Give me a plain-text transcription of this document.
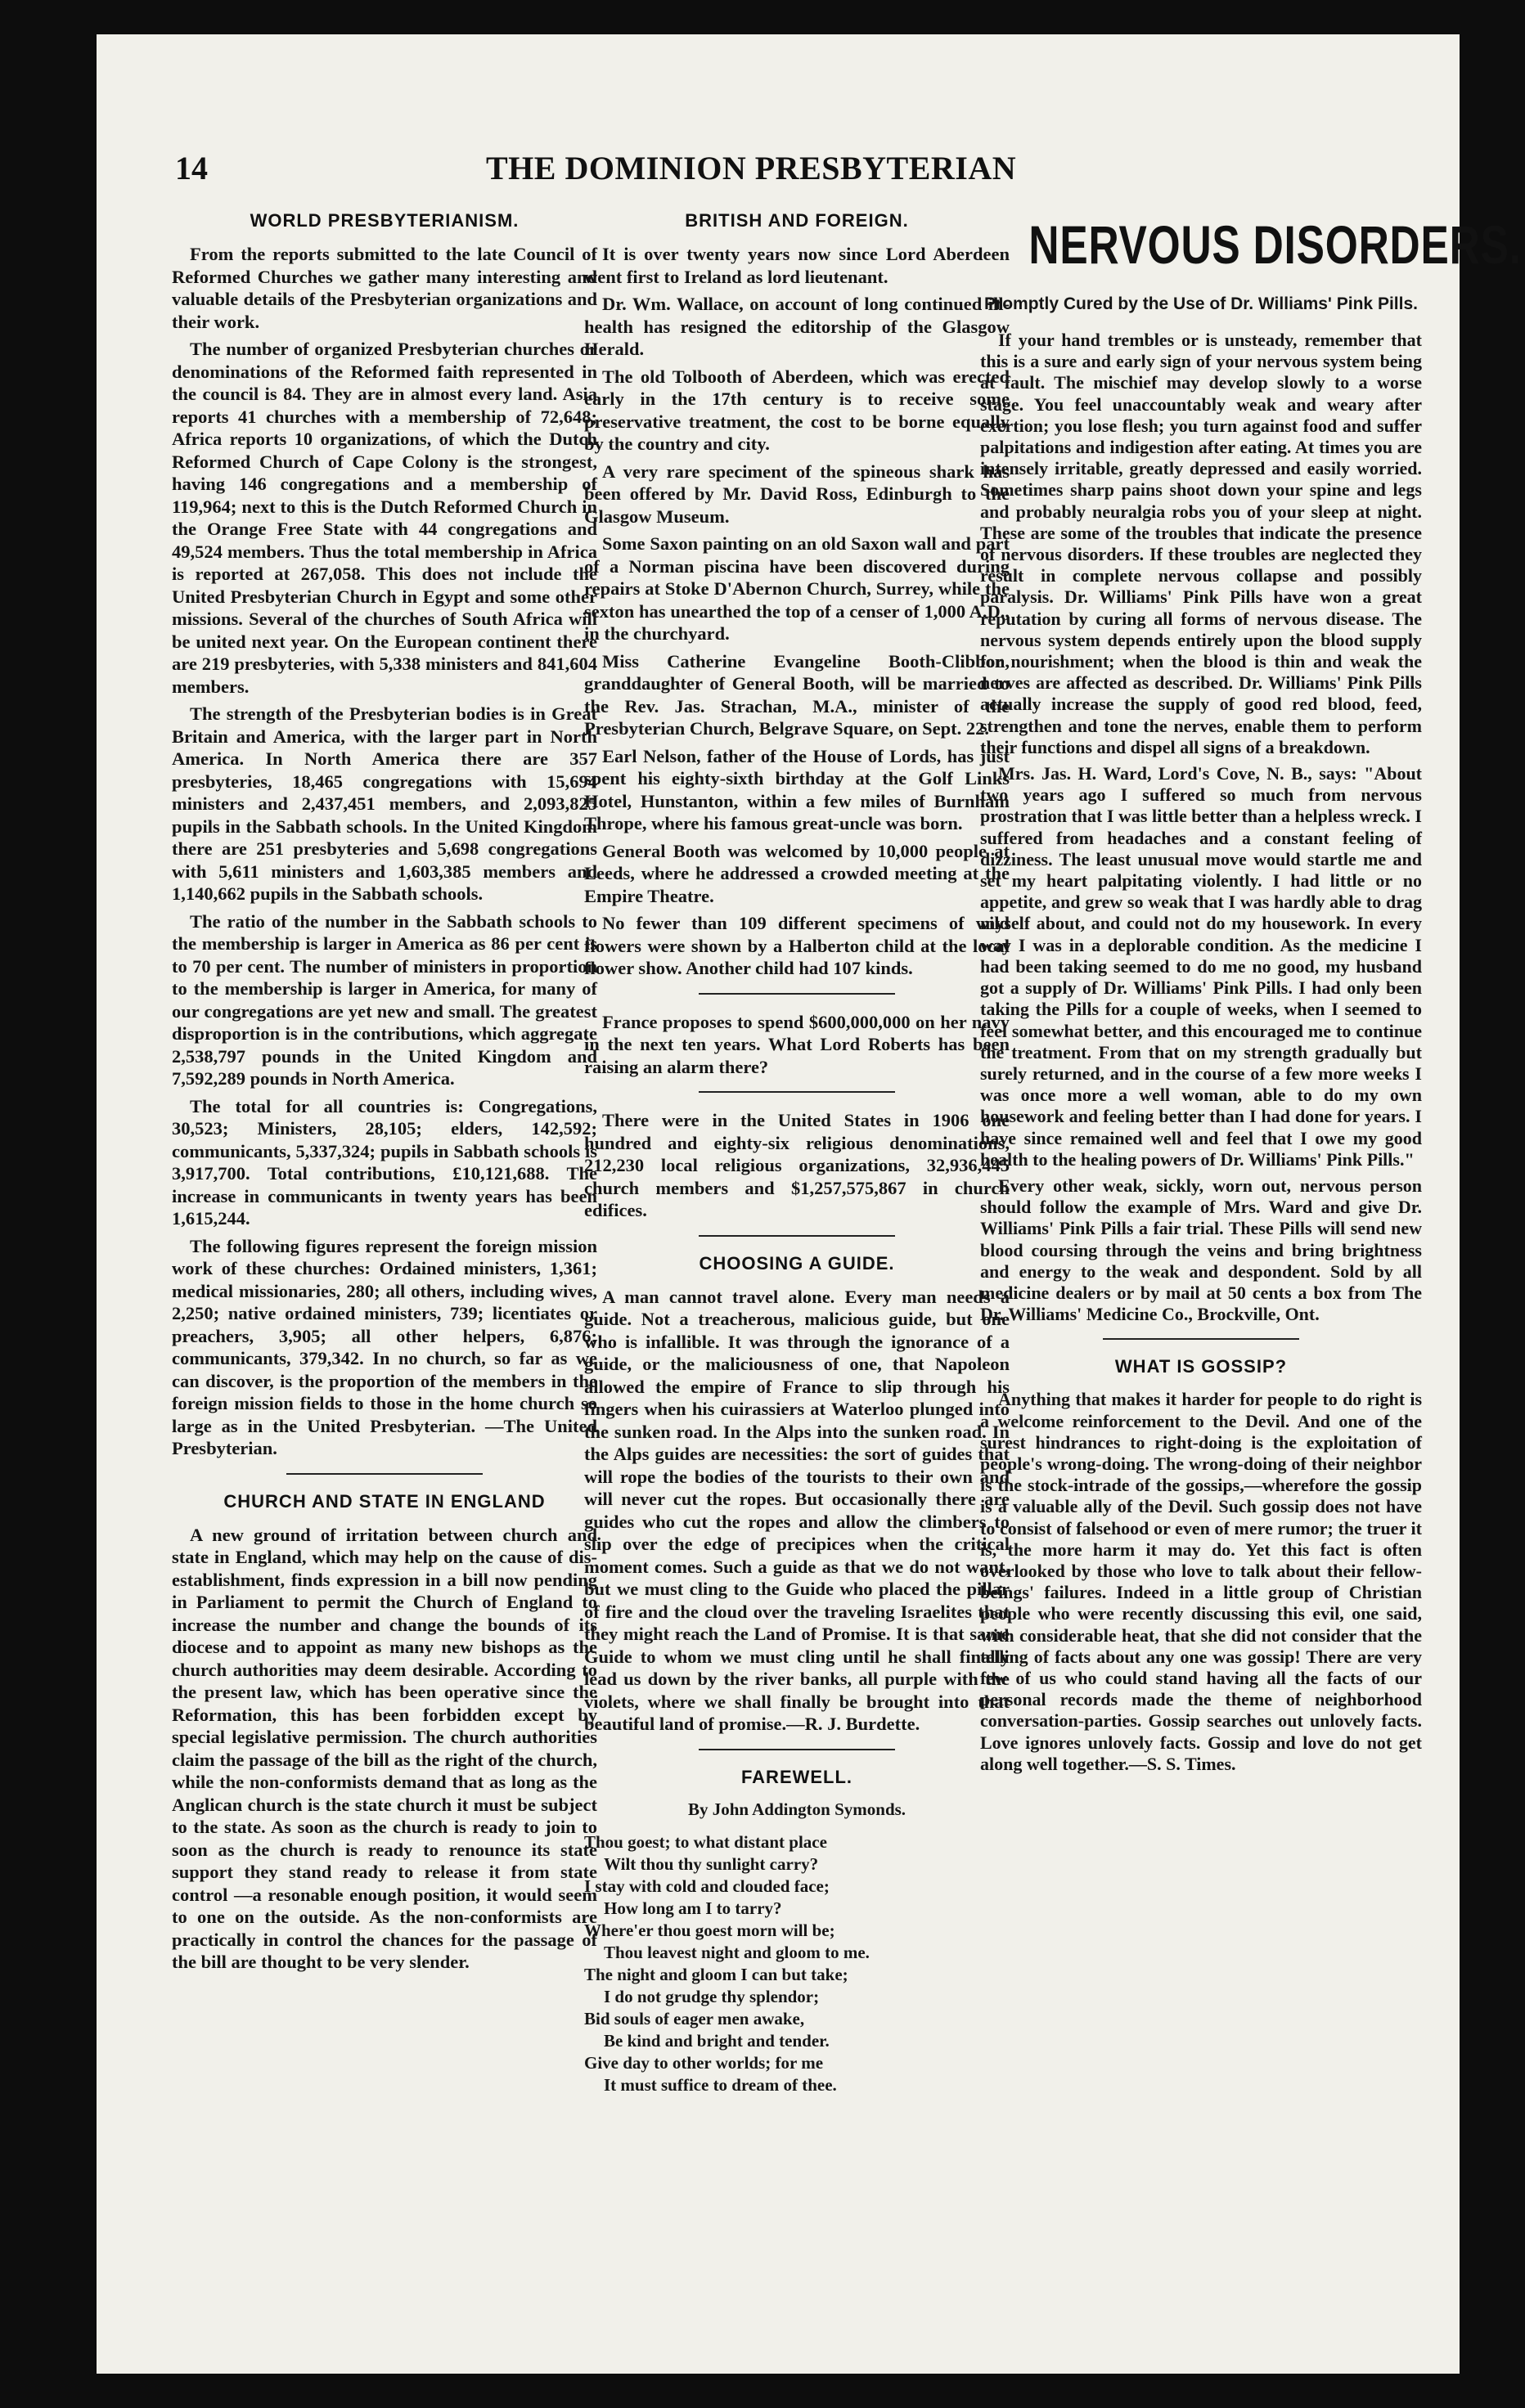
14	THE DOMINION PRESBYTERIAN
WORLD PRESBYTERIANISM.

From the reports submitted to the late Council of Reformed Churches we gather many interesting and valuable details of the Presbyterian organizations and their work.

The number of organized Presbyterian churches or denominations of the Reformed faith represented in the council is 84. They are in almost every land. Asia reports 41 churches with a membership of 72,648; Africa reports 10 organizations, of which the Dutch Reformed Church of Cape Colony is the strongest, having 146 congregations and a membership of 119,964; next to this is the Dutch Reformed Church in the Orange Free State with 44 congregations and 49,524 members. Thus the total membership in Africa is reported at 267,058. This does not include the United Presbyterian Church in Egypt and some other missions. Several of the churches of South Africa will be united next year. On the European continent there are 219 presbyteries, with 5,338 ministers and 841,604 members.

The strength of the Presbyterian bodies is in Great Britain and America, with the larger part in North America. In North America there are 357 presbyteries, 18,465 congregations with 15,694 ministers and 2,437,451 members, and 2,093,825 pupils in the Sabbath schools. In the United Kingdom there are 251 presbyteries and 5,698 congregations with 5,611 ministers and 1,603,385 members and 1,140,662 pupils in the Sabbath schools.

The ratio of the number in the Sabbath schools to the membership is larger in America as 86 per cent is to 70 per cent. The number of ministers in proportion to the membership is larger in America, for many of our congregations are yet new and small. The greatest disproportion is in the contributions, which aggregate 2,538,797 pounds in the United Kingdom and 7,592,289 pounds in North America.

The total for all countries is: Congregations, 30,523; Ministers, 28,105; elders, 142,592; communicants, 5,337,324; pupils in Sabbath schools is 3,917,700. Total contributions, £10,121,688. The increase in communicants in twenty years has been 1,615,244.

The following figures represent the foreign mission work of these churches: Ordained ministers, 1,361; medical missionaries, 280; all others, including wives, 2,250; native ordained ministers, 739; licentiates or preachers, 3,905; all other helpers, 6,876; communicants, 379,342. In no church, so far as we can discover, is the proportion of the members in the foreign mission fields to those in the home church so large as in the United Presbyterian. —The United Presbyterian.

CHURCH AND STATE IN ENGLAND

A new ground of irritation between church and state in England, which may help on the cause of dis-establishment, finds expression in a bill now pending in Parliament to permit the Church of England to increase the number and change the bounds of its diocese and to appoint as many new bishops as the church authorities may deem desirable. According to the present law, which has been operative since the Reformation, this has been forbidden except by special legislative permission. The church authorities claim the passage of the bill as the right of the church, while the non-conformists demand that as long as the Anglican church is the state church it must be subject to the state. As soon as the church is ready to join to soon as the church is ready to renounce its state support they stand ready to release it from state control —a resonable enough position, it would seem to one on the outside. As the non-conformists are practically in control the chances for the passage of the bill are thought to be very slender.

BRITISH AND FOREIGN.

It is over twenty years now since Lord Aberdeen went first to Ireland as lord lieutenant.

Dr. Wm. Wallace, on account of long continued ill-health has resigned the editorship of the Glasgow Herald.

The old Tolbooth of Aberdeen, which was erected early in the 17th century is to receive some preservative treatment, the cost to be borne equally by the country and city.

A very rare speciment of the spineous shark has been offered by Mr. David Ross, Edinburgh to the Glasgow Museum.

Some Saxon painting on an old Saxon wall and part of a Norman piscina have been discovered during repairs at Stoke D'Abernon Church, Surrey, while the sexton has unearthed the top of a censer of 1,000 A.D., in the churchyard.

Miss Catherine Evangeline Booth-Clibbon, granddaughter of General Booth, will be married to the Rev. Jas. Strachan, M.A., minister of the Presbyterian Church, Belgrave Square, on Sept. 22.

Earl Nelson, father of the House of Lords, has just spent his eighty-sixth birthday at the Golf Links Hotel, Hunstanton, within a few miles of Burnham Thrope, where his famous great-uncle was born.

General Booth was welcomed by 10,000 people at Leeds, where he addressed a crowded meeting at the Empire Theatre.

No fewer than 109 different specimens of wild flowers were shown by a Halberton child at the local flower show. Another child had 107 kinds.

France proposes to spend $600,000,000 on her navy in the next ten years. What Lord Roberts has been raising an alarm there?

There were in the United States in 1906 one hundred and eighty-six religious denominations, 212,230 local religious organizations, 32,936,445 church members and $1,257,575,867 in church edifices.

CHOOSING A GUIDE.

A man cannot travel alone. Every man needs a guide. Not a treacherous, malicious guide, but one who is infallible. It was through the ignorance of a guide, or the maliciousness of one, that Napoleon allowed the empire of France to slip through his fingers when his cuirassiers at Waterloo plunged into the sunken road. In the Alps into the sunken road. In the Alps guides are necessities: the sort of guides that will rope the bodies of the tourists to their own and will never cut the ropes. But occasionally there are guides who cut the ropes and allow the climbers to slip over the edge of precipices when the critical moment comes. Such a guide as that we do not want, but we must cling to the Guide who placed the pillar of fire and the cloud over the traveling Israelites that they might reach the Land of Promise. It is that same Guide to whom we must cling until he shall finally lead us down by the river banks, all purple with the violets, where we shall finally be brought into that beautiful land of promise.—R. J. Burdette.

FAREWELL.
By John Addington Symonds.
Thou goest; to what distant place
Wilt thou thy sunlight carry?
I stay with cold and clouded face;
How long am I to tarry?
Where'er thou goest morn will be;
Thou leavest night and gloom to me.
The night and gloom I can but take;
I do not grudge thy splendor;
Bid souls of eager men awake,
Be kind and bright and tender.
Give day to other worlds; for me
It must suffice to dream of thee.
NERVOUS DISORDERS.
Promptly Cured by the Use of Dr. Williams' Pink Pills.

If your hand trembles or is unsteady, remember that this is a sure and early sign of your nervous system being at fault. The mischief may develop slowly to a worse stage. You feel unaccountably weak and weary after exertion; you lose flesh; you turn against food and suffer palpitations and indigestion after eating. At times you are intensely irritable, greatly depressed and easily worried. Sometimes sharp pains shoot down your spine and legs and probably neuralgia robs you of your sleep at night. These are some of the troubles that indicate the presence of nervous disorders. If these troubles are neglected they result in complete nervous collapse and possibly paralysis. Dr. Williams' Pink Pills have won a great reputation by curing all forms of nervous disease. The nervous system depends entirely upon the blood supply for nourishment; when the blood is thin and weak the nerves are affected as described. Dr. Williams' Pink Pills actually increase the supply of good red blood, feed, strengthen and tone the nerves, enable them to perform their functions and dispel all signs of a breakdown.

Mrs. Jas. H. Ward, Lord's Cove, N. B., says: "About two years ago I suffered so much from nervous prostration that I was little better than a helpless wreck. I suffered from headaches and a constant feeling of dizziness. The least unusual move would startle me and set my heart palpitating violently. I had little or no appetite, and grew so weak that I was hardly able to drag myself about, and could not do my housework. In every way I was in a deplorable condition. As the medicine I had been taking seemed to do me no good, my husband got a supply of Dr. Williams' Pink Pills. I had only been taking the Pills for a couple of weeks, when I seemed to feel somewhat better, and this encouraged me to continue the treatment. From that on my strength gradually but surely returned, and in the course of a few more weeks I was once more a well woman, able to do my own housework and feeling better than I had done for years. I have since remained well and feel that I owe my good health to the healing powers of Dr. Williams' Pink Pills."

Every other weak, sickly, worn out, nervous person should follow the example of Mrs. Ward and give Dr. Williams' Pink Pills a fair trial. These Pills will send new blood coursing through the veins and bring brightness and energy to the weak and despondent. Sold by all medicine dealers or by mail at 50 cents a box from The Dr. Williams' Medicine Co., Brockville, Ont.

WHAT IS GOSSIP?

Anything that makes it harder for people to do right is a welcome reinforcement to the Devil. And one of the surest hindrances to right-doing is the exploitation of people's wrong-doing. The wrong-doing of their neighbor is the stock-intrade of the gossips,—wherefore the gossip is a valuable ally of the Devil. Such gossip does not have to consist of falsehood or even of mere rumor; the truer it is, the more harm it may do. Yet this fact is often overlooked by those who love to talk about their fellow-beings' failures. Indeed in a little group of Christian people who were recently discussing this evil, one said, with considerable heat, that she did not consider that the telling of facts about any one was gossip! There are very few of us who could stand having all the facts of our personal records made the theme of neighborhood conversation-parties. Gossip searches out unlovely facts. Love ignores unlovely facts. Gossip and love do not get along well together.—S. S. Times.
